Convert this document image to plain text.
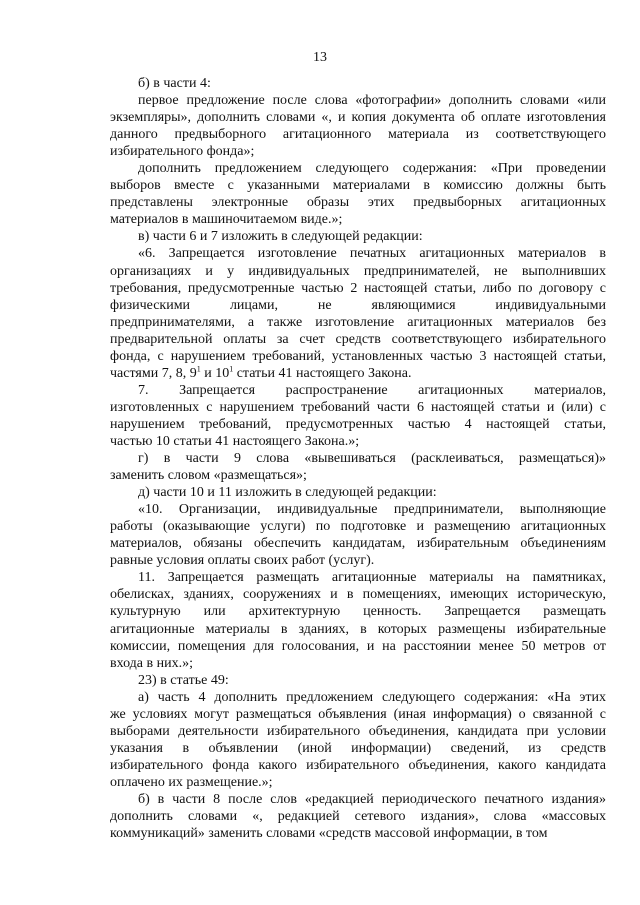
13
б) в части 4:
первое предложение после слова «фотографии» дополнить словами «или
экземпляры», дополнить словами «, и копия документа об оплате изготовления
данного предвыборного агитационного материала из соответствующего
избирательного фонда»;
дополнить предложением следующего содержания: «При проведении
выборов вместе с указанными материалами в комиссию должны быть
представлены электронные образы этих предвыборных агитационных
материалов в машиночитаемом виде.»;
в) части 6 и 7 изложить в следующей редакции:
«6. Запрещается изготовление печатных агитационных материалов в
организациях и у индивидуальных предпринимателей, не выполнивших
требования, предусмотренные частью 2 настоящей статьи, либо по договору с
физическими лицами, не являющимися индивидуальными
предпринимателями, а также изготовление агитационных материалов без
предварительной оплаты за счет средств соответствующего избирательного
фонда, с нарушением требований, установленных частью 3 настоящей статьи,
частями 7, 8, $9^1$ и $10^1$ статьи 41 настоящего Закона.
7. Запрещается распространение агитационных материалов,
изготовленных с нарушением требований части 6 настоящей статьи и (или) с
нарушением требований, предусмотренных частью 4 настоящей статьи,
частью 10 статьи 41 настоящего Закона.»;
г) в части 9 слова «вывешиваться (расклеиваться, размещаться)»
заменить словом «размещаться»;
д) части 10 и 11 изложить в следующей редакции:
«10. Организации, индивидуальные предприниматели, выполняющие
работы (оказывающие услуги) по подготовке и размещению агитационных
материалов, обязаны обеспечить кандидатам, избирательным объединениям
равные условия оплаты своих работ (услуг).
11. Запрещается размещать агитационные материалы на памятниках,
обелисках, зданиях, сооружениях и в помещениях, имеющих историческую,
культурную или архитектурную ценность. Запрещается размещать
агитационные материалы в зданиях, в которых размещены избирательные
комиссии, помещения для голосования, и на расстоянии менее 50 метров от
входа в них.»;
23) в статье 49:
а) часть 4 дополнить предложением следующего содержания: «На этих
же условиях могут размещаться объявления (иная информация) о связанной с
выборами деятельности избирательного объединения, кандидата при условии
указания в объявлении (иной информации) сведений, из средств
избирательного фонда какого избирательного объединения, какого кандидата
оплачено их размещение.»;
б) в части 8 после слов «редакцией периодического печатного издания»
дополнить словами «, редакцией сетевого издания», слова «массовых
коммуникаций» заменить словами «средств массовой информации, в том
